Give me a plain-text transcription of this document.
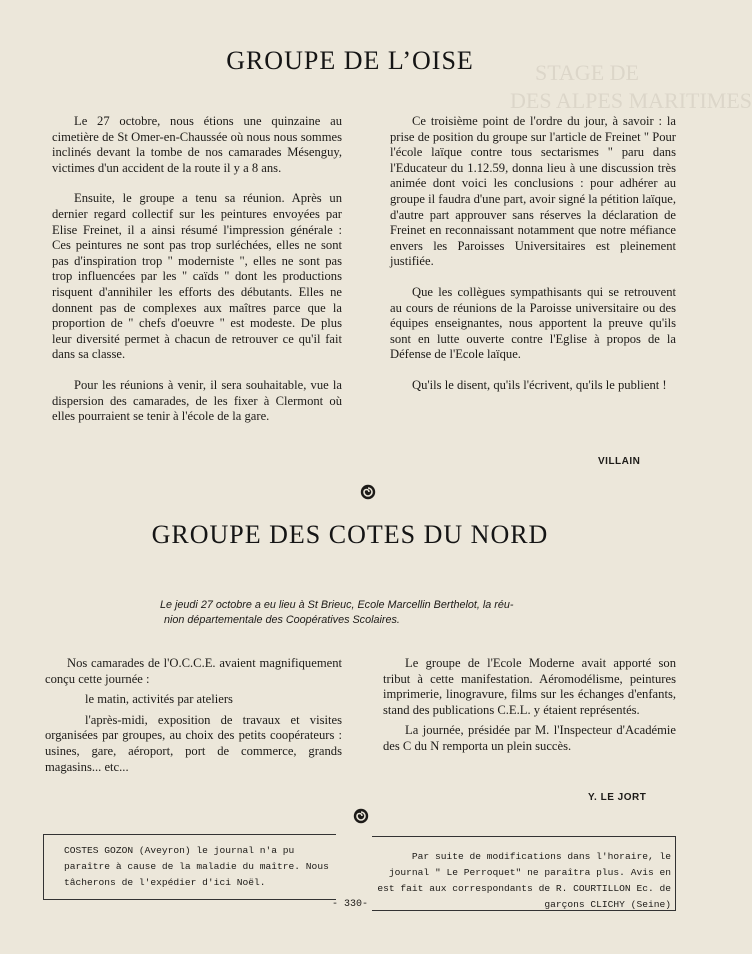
STAGE DE
DES ALPES MARITIMES
GROUPE DE L’OISE

Le 27 octobre, nous étions une quinzaine au cimetière de St Omer-en-Chaussée où nous nous sommes inclinés devant la tombe de nos camarades Mésenguy, victimes d'un accident de la route il y a 8 ans.

Ensuite, le groupe a tenu sa réunion. Après un dernier regard collectif sur les peintures envoyées par Elise Freinet, il a ainsi résumé l'impression générale : Ces peintures ne sont pas trop surléchées, elles ne sont pas d'inspiration trop " moderniste ", elles ne sont pas trop influencées par les " caïds " dont les productions risquent d'annihiler les efforts des débutants. Elles ne donnent pas de complexes aux maîtres parce que la proportion de " chefs d'oeuvre " est modeste. De plus leur diversité permet à chacun de retrouver ce qu'il fait dans sa classe.

Pour les réunions à venir, il sera souhaitable, vue la dispersion des camarades, de les fixer à Clermont où elles pourraient se tenir à l'école de la gare.

Ce troisième point de l'ordre du jour, à savoir : la prise de position du groupe sur l'article de Freinet " Pour l'école laïque contre tous sectarismes " paru dans l'Educateur du 1.12.59, donna lieu à une discussion très animée dont voici les conclusions : pour adhérer au groupe il faudra d'une part, avoir signé la pétition laïque, d'autre part approuver sans réserves la déclaration de Freinet en reconnaissant notamment que notre méfiance envers les Paroisses Universitaires est pleinement justifiée.

Que les collègues sympathisants qui se retrouvent au cours de réunions de la Paroisse universitaire ou des équipes enseignantes, nous apportent la preuve qu'ils sont en lutte ouverte contre l'Eglise à propos de la Défense de l'Ecole laïque.

Qu'ils le disent, qu'ils l'écrivent, qu'ils le publient !

VILLAIN
GROUPE DES COTES DU NORD
Le jeudi 27 octobre a eu lieu à St Brieuc, Ecole Marcellin Berthelot, la réu-
nion départementale des Coopératives Scolaires.

Nos camarades de l'O.C.C.E. avaient magnifiquement conçu cette journée :

le matin, activités par ateliers

l'après-midi, exposition de travaux et visites organisées par groupes, au choix des petits coopérateurs : usines, gare, aéroport, port de commerce, grands magasins... etc...

Le groupe de l'Ecole Moderne avait apporté son tribut à cette manifestation. Aéromodélisme, peintures imprimerie, linogravure, films sur les échanges d'enfants, stand des publications C.E.L. y étaient représentés.

La journée, présidée par M. l'Inspecteur d'Académie des C du N remporta un plein succès.

Y. LE JORT
COSTES GOZON (Aveyron) le journal n'a pu paraître à cause de la maladie du maître. Nous tâcherons de l'expédier d'ici Noël.
Par suite de modifications dans l'horaire, le journal " Le Perroquet" ne paraîtra plus. Avis en est fait aux correspondants de R. COURTILLON Ec. de garçons CLICHY (Seine)
- 330-
